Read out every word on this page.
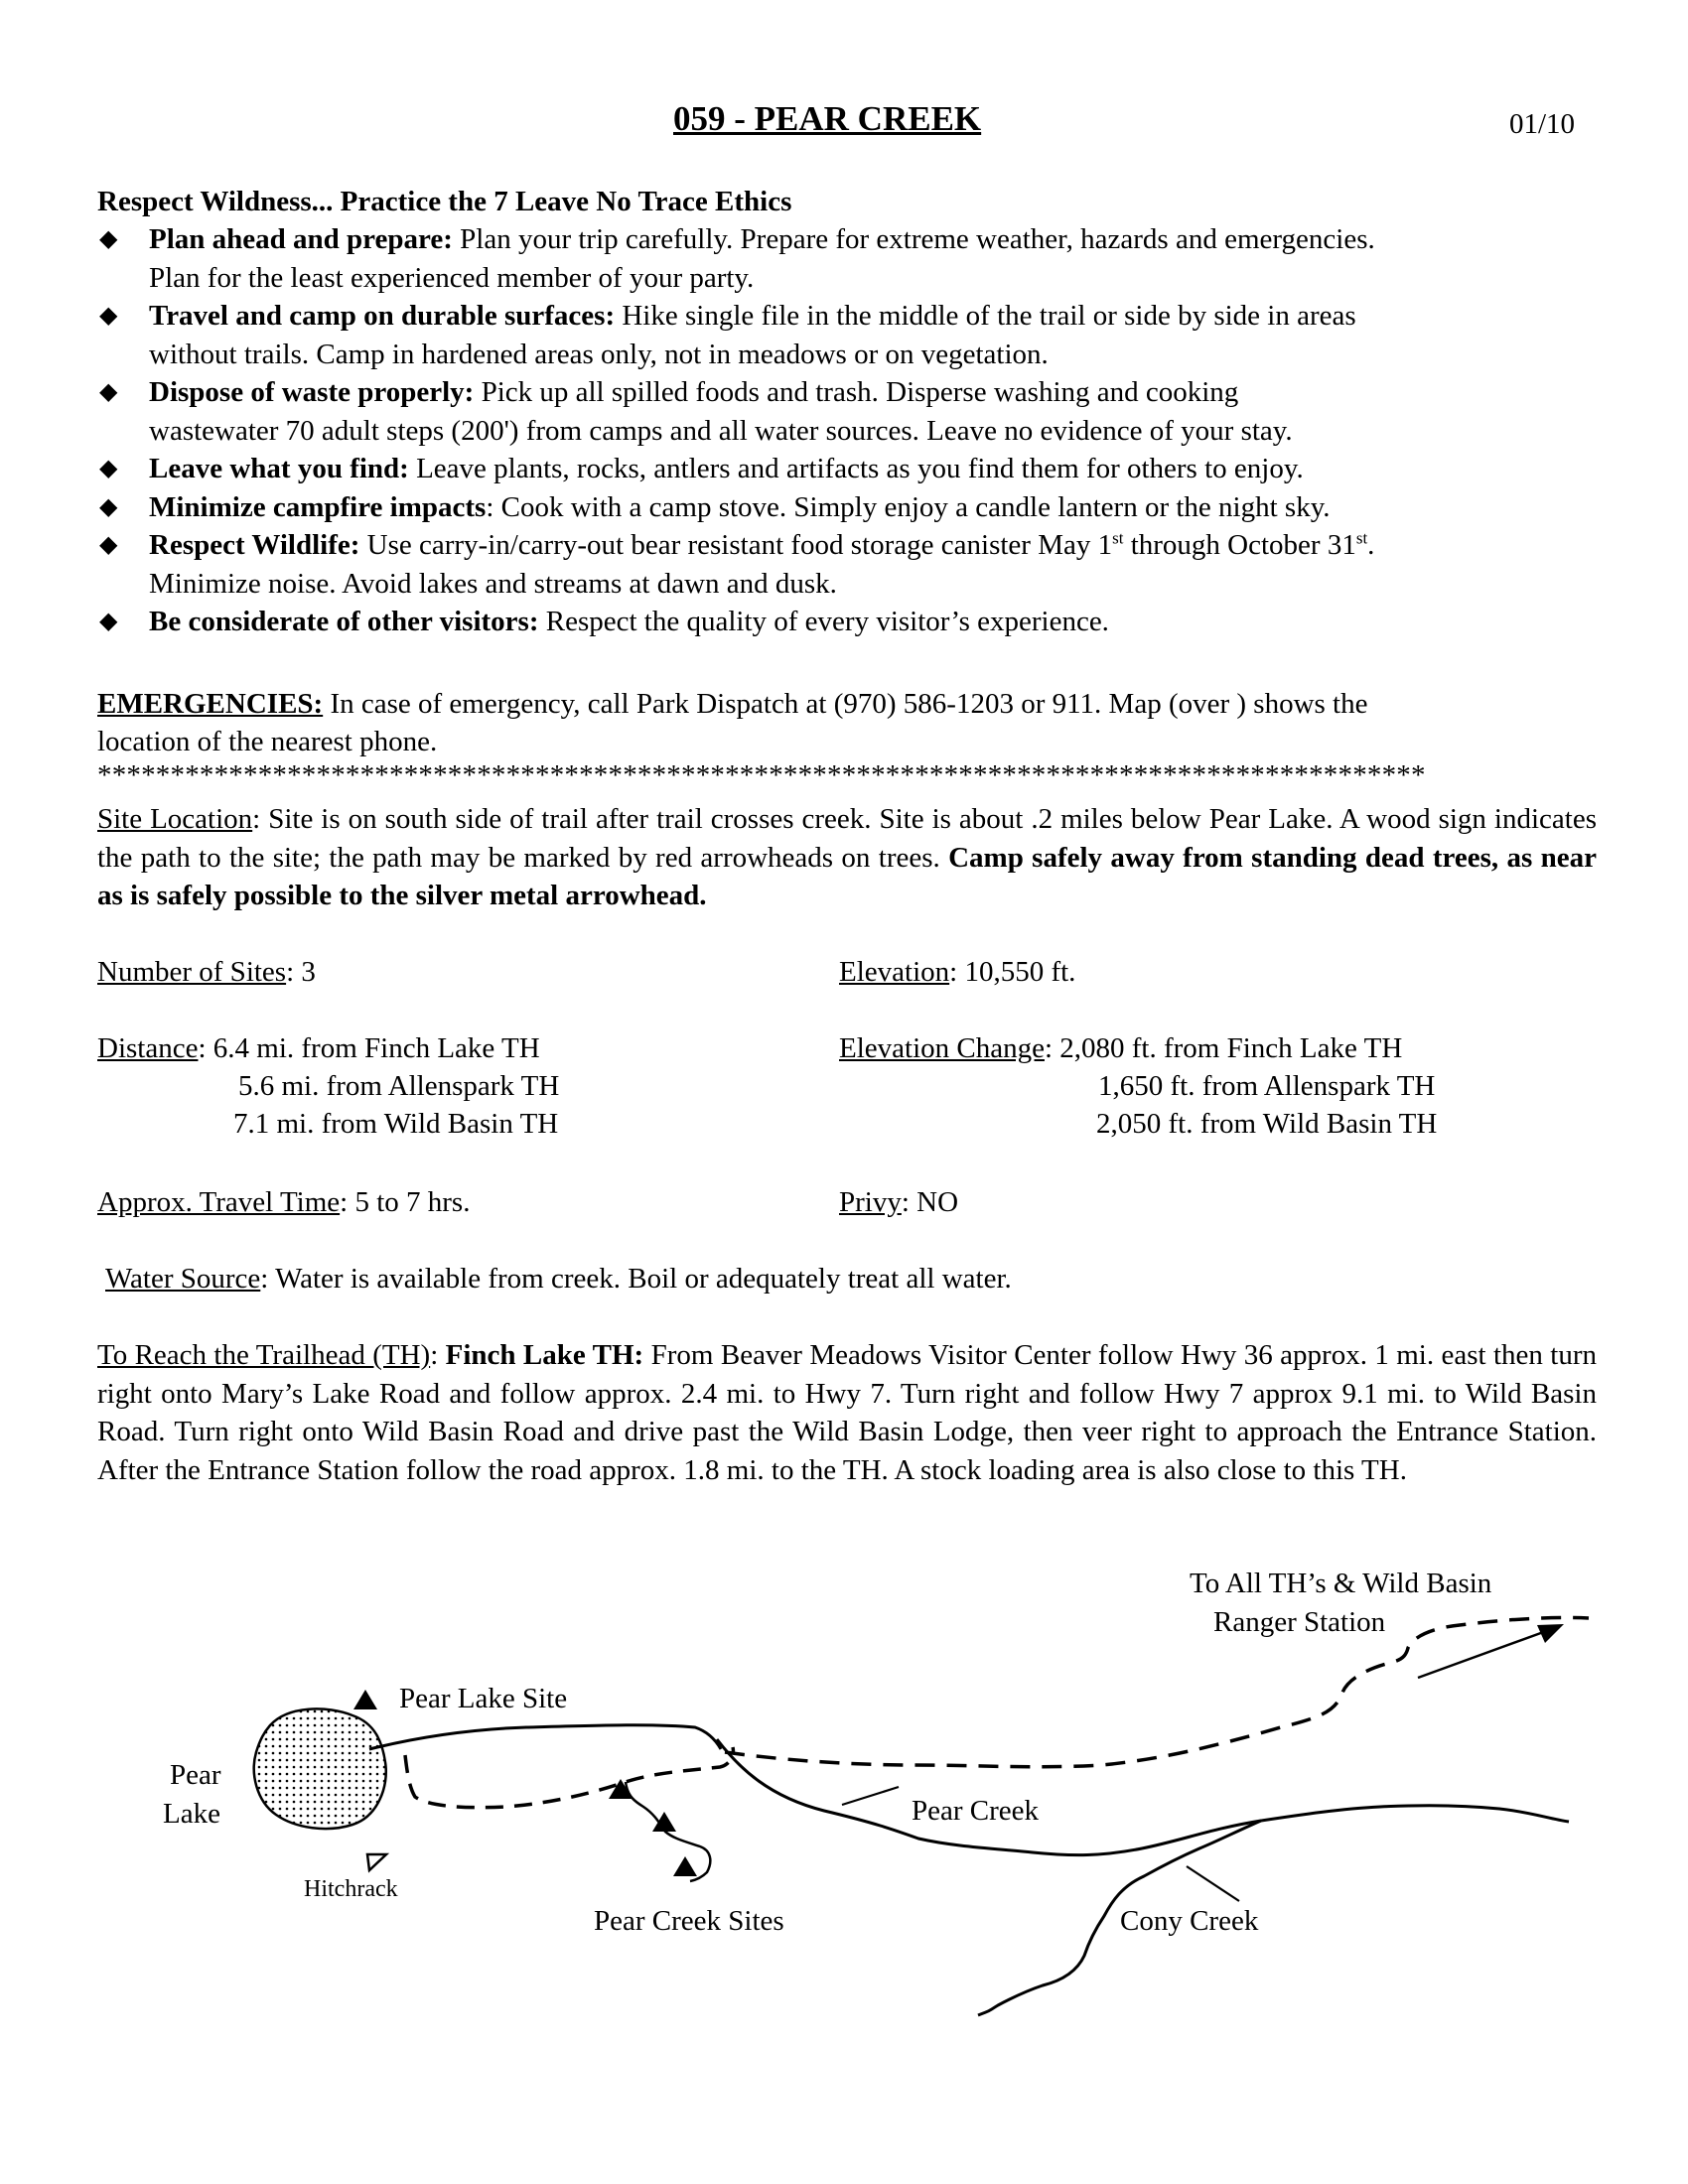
059 - PEAR CREEK	01/10
Respect Wildness... Practice the 7 Leave No Trace Ethics
◆ Plan ahead and prepare: Plan your trip carefully. Prepare for extreme weather, hazards and emergencies.
Plan for the least experienced member of your party.
◆ Travel and camp on durable surfaces: Hike single file in the middle of the trail or side by side in areas
without trails. Camp in hardened areas only, not in meadows or on vegetation.
◆ Dispose of waste properly: Pick up all spilled foods and trash. Disperse washing and cooking
wastewater 70 adult steps (200') from camps and all water sources. Leave no evidence of your stay.
◆ Leave what you find: Leave plants, rocks, antlers and artifacts as you find them for others to enjoy.
◆ Minimize campfire impacts: Cook with a camp stove. Simply enjoy a candle lantern or the night sky.
◆ Respect Wildlife: Use carry-in/carry-out bear resistant food storage canister May 1st through October 31st.
Minimize noise. Avoid lakes and streams at dawn and dusk.
◆ Be considerate of other visitors: Respect the quality of every visitor’s experience.
EMERGENCIES: In case of emergency, call Park Dispatch at (970) 586-1203 or 911. Map (over ) shows the
location of the nearest phone.
*******************************************************************************************
Site Location: Site is on south side of trail after trail crosses creek. Site is about .2 miles below Pear Lake. A wood sign indicates the path to the site; the path may be marked by red arrowheads on trees. Camp safely away from standing dead trees, as near as is safely possible to the silver metal arrowhead.
Number of Sites: 3	Elevation: 10,550 ft.
Distance: 6.4 mi. from Finch Lake TH
5.6 mi. from Allenspark TH
7.1 mi. from Wild Basin TH
Elevation Change: 2,080 ft. from Finch Lake TH
1,650 ft. from Allenspark TH
2,050 ft. from Wild Basin TH
Approx. Travel Time: 5 to 7 hrs.	Privy: NO
Water Source: Water is available from creek. Boil or adequately treat all water.
To Reach the Trailhead (TH): Finch Lake TH: From Beaver Meadows Visitor Center follow Hwy 36 approx. 1 mi. east then turn right onto Mary’s Lake Road and follow approx. 2.4 mi. to Hwy 7. Turn right and follow Hwy 7 approx 9.1 mi. to Wild Basin Road. Turn right onto Wild Basin Road and drive past the Wild Basin Lodge, then veer right to approach the Entrance Station. After the Entrance Station follow the road approx. 1.8 mi. to the TH. A stock loading area is also close to this TH.
To All TH’s & Wild Basin
Ranger Station
Pear Lake Site
Pear
Lake
Hitchrack
Pear Creek
Pear Creek Sites	Cony Creek
